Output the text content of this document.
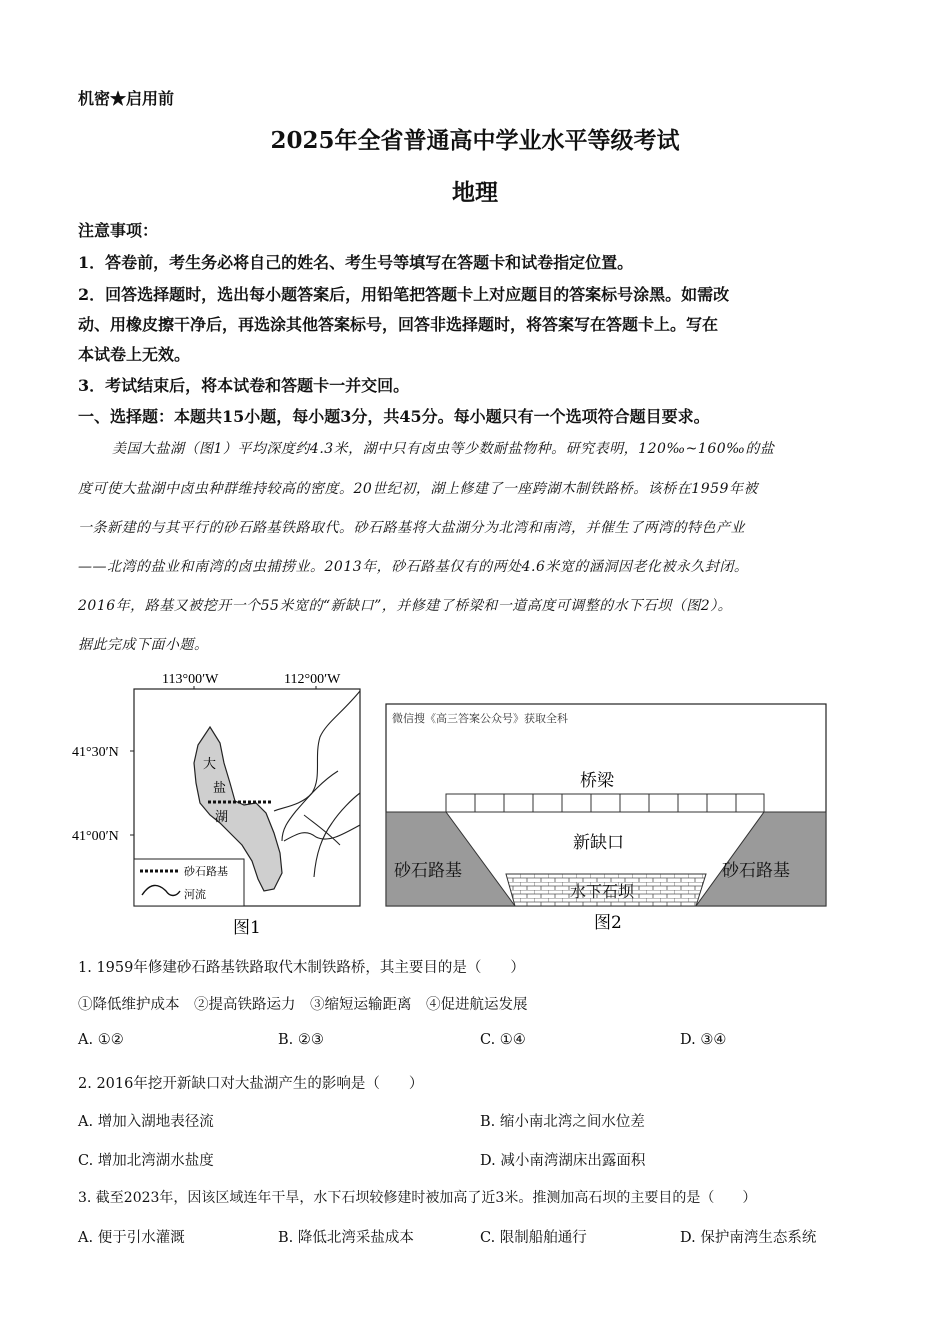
机密★启用前
2025年全省普通高中学业水平等级考试
地理
注意事项：
1．答卷前，考生务必将自己的姓名、考生号等填写在答题卡和试卷指定位置。
2．回答选择题时，选出每小题答案后，用铅笔把答题卡上对应题目的答案标号涂黑。如需改
动、用橡皮擦干净后，再选涂其他答案标号，回答非选择题时，将答案写在答题卡上。写在
本试卷上无效。
3．考试结束后，将本试卷和答题卡一并交回。
一、选择题：本题共15小题，每小题3分，共45分。每小题只有一个选项符合题目要求。
美国大盐湖（图1）平均深度约4.3米，湖中只有卤虫等少数耐盐物种。研究表明，120‰~160‰的盐
度可使大盐湖中卤虫种群维持较高的密度。20世纪初，湖上修建了一座跨湖木制铁路桥。该桥在1959年被
一条新建的与其平行的砂石路基铁路取代。砂石路基将大盐湖分为北湾和南湾，并催生了两湾的特色产业
——北湾的盐业和南湾的卤虫捕捞业。2013年，砂石路基仅有的两处4.6米宽的涵洞因老化被永久封闭。
2016年，路基又被挖开一个55米宽的“新缺口”，并修建了桥梁和一道高度可调整的水下石坝（图2）。
据此完成下面小题。
113°00′W	112°00′W
41°30′N
41°00′N
大
盐
湖
砂石路基
河流
图1
微信搜《高三答案公众号》获取全科
桥梁
新缺口
砂石路基	砂石路基
水下石坝
图2
1. 1959年修建砂石路基铁路取代木制铁路桥，其主要目的是（　　）
①降低维护成本　②提高铁路运力　③缩短运输距离　④促进航运发展
A. ①②	B. ②③	C. ①④	D. ③④
2. 2016年挖开新缺口对大盐湖产生的影响是（　　）
A. 增加入湖地表径流	B. 缩小南北湾之间水位差
C. 增加北湾湖水盐度	D. 减小南湾湖床出露面积
3. 截至2023年，因该区域连年干旱，水下石坝较修建时被加高了近3米。推测加高石坝的主要目的是（　　）
A. 便于引水灌溉	B. 降低北湾采盐成本	C. 限制船舶通行	D. 保护南湾生态系统
